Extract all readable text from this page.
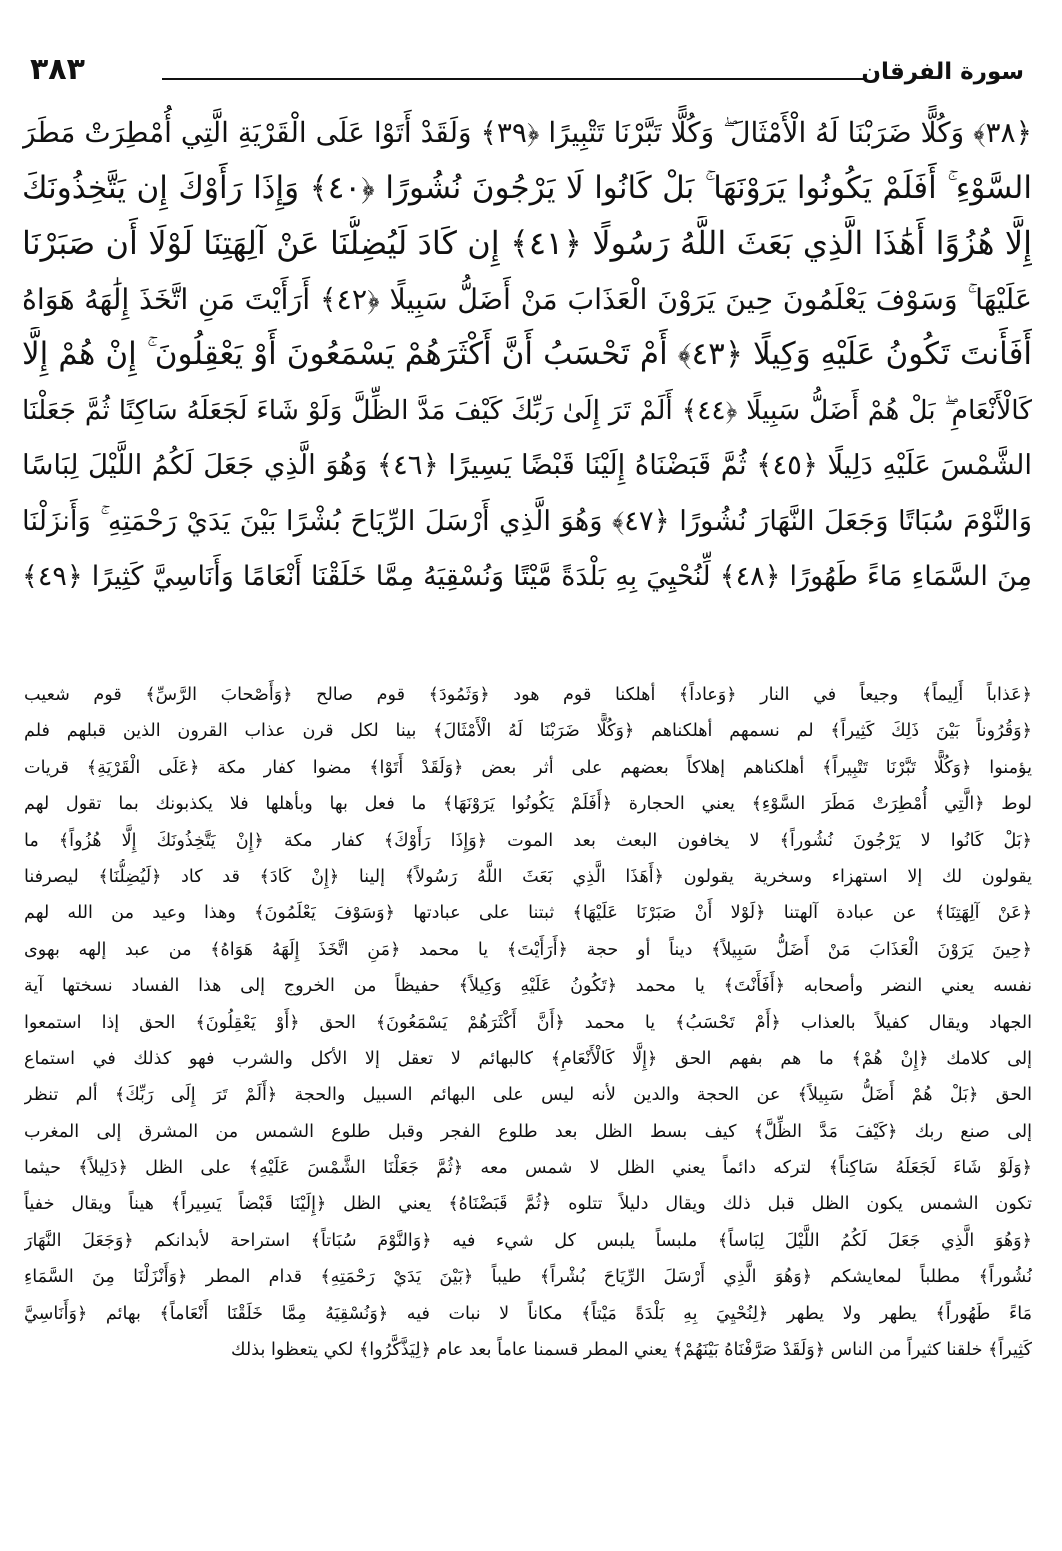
سورة الفرقان
٣٨٣
﴿٣٨﴾ وَكُلًّا ضَرَبْنَا لَهُ الْأَمْثَالَ ۖ وَكُلًّا تَبَّرْنَا تَتْبِيرًا ﴿٣٩﴾ وَلَقَدْ أَتَوْا عَلَى الْقَرْيَةِ الَّتِي أُمْطِرَتْ مَطَرَ
السَّوْءِ ۚ أَفَلَمْ يَكُونُوا يَرَوْنَهَا ۚ بَلْ كَانُوا لَا يَرْجُونَ نُشُورًا ﴿٤٠﴾ وَإِذَا رَأَوْكَ إِن يَتَّخِذُونَكَ
إِلَّا هُزُوًا أَهَٰذَا الَّذِي بَعَثَ اللَّهُ رَسُولًا ﴿٤١﴾ إِن كَادَ لَيُضِلُّنَا عَنْ آلِهَتِنَا لَوْلَا أَن صَبَرْنَا
عَلَيْهَا ۚ وَسَوْفَ يَعْلَمُونَ حِينَ يَرَوْنَ الْعَذَابَ مَنْ أَضَلُّ سَبِيلًا ﴿٤٢﴾ أَرَأَيْتَ مَنِ اتَّخَذَ إِلَٰهَهُ هَوَاهُ
أَفَأَنتَ تَكُونُ عَلَيْهِ وَكِيلًا ﴿٤٣﴾ أَمْ تَحْسَبُ أَنَّ أَكْثَرَهُمْ يَسْمَعُونَ أَوْ يَعْقِلُونَ ۚ إِنْ هُمْ إِلَّا
كَالْأَنْعَامِ ۖ بَلْ هُمْ أَضَلُّ سَبِيلًا ﴿٤٤﴾ أَلَمْ تَرَ إِلَىٰ رَبِّكَ كَيْفَ مَدَّ الظِّلَّ وَلَوْ شَاءَ لَجَعَلَهُ سَاكِنًا ثُمَّ جَعَلْنَا
الشَّمْسَ عَلَيْهِ دَلِيلًا ﴿٤٥﴾ ثُمَّ قَبَضْنَاهُ إِلَيْنَا قَبْضًا يَسِيرًا ﴿٤٦﴾ وَهُوَ الَّذِي جَعَلَ لَكُمُ اللَّيْلَ لِبَاسًا
وَالنَّوْمَ سُبَاتًا وَجَعَلَ النَّهَارَ نُشُورًا ﴿٤٧﴾ وَهُوَ الَّذِي أَرْسَلَ الرِّيَاحَ بُشْرًا بَيْنَ يَدَيْ رَحْمَتِهِ ۚ وَأَنزَلْنَا
مِنَ السَّمَاءِ مَاءً طَهُورًا ﴿٤٨﴾ لِّنُحْيِيَ بِهِ بَلْدَةً مَّيْتًا وَنُسْقِيَهُ مِمَّا خَلَقْنَا أَنْعَامًا وَأَنَاسِيَّ كَثِيرًا ﴿٤٩﴾
﴿عَذاباً أَلِيماً﴾ وجيعاً في النار ﴿وَعاداً﴾ أهلكنا قوم هود ﴿وَثَمُودَ﴾ قوم صالح ﴿وَأَصْحابَ الرَّسِّ﴾ قوم شعيب
﴿وَقُرُوناً بَيْنَ ذَلِكَ كَثِيراً﴾ لم نسمهم أهلكناهم ﴿وَكُلًّا ضَرَبْنَا لَهُ الْأَمْثَالَ﴾ بينا لكل قرن عذاب القرون الذين قبلهم فلم
يؤمنوا ﴿وَكُلًّا تَبَّرْنَا تَتْبِيراً﴾ أهلكناهم إهلاكاً بعضهم على أثر بعض ﴿وَلَقَدْ أَتَوْا﴾ مضوا كفار مكة ﴿عَلَى الْقَرْيَةِ﴾ قريات
لوط ﴿الَّتِي أُمْطِرَتْ مَطَرَ السَّوْءِ﴾ يعني الحجارة ﴿أَفَلَمْ يَكُونُوا يَرَوْنَهَا﴾ ما فعل بها وبأهلها فلا يكذبونك بما تقول لهم
﴿بَلْ كَانُوا لا يَرْجُونَ نُشُوراً﴾ لا يخافون البعث بعد الموت ﴿وَإِذَا رَأَوْكَ﴾ كفار مكة ﴿إِنْ يَتَّخِذُونَكَ إِلَّا هُزُواً﴾ ما
يقولون لك إلا استهزاء وسخرية يقولون ﴿أَهَذَا الَّذِي بَعَثَ اللَّهُ رَسُولاً﴾ إلينا ﴿إِنْ كَادَ﴾ قد كاد ﴿لَيُضِلُّنَا﴾ ليصرفنا
﴿عَنْ آلِهَتِنَا﴾ عن عبادة آلهتنا ﴿لَوْلا أَنْ صَبَرْنَا عَلَيْهَا﴾ ثبتنا على عبادتها ﴿وَسَوْفَ يَعْلَمُونَ﴾ وهذا وعيد من الله لهم
﴿حِينَ يَرَوْنَ الْعَذَابَ مَنْ أَضَلُّ سَبِيلاً﴾ ديناً أو حجة ﴿أَرَأَيْتَ﴾ يا محمد ﴿مَنِ اتَّخَذَ إِلَهَهُ هَوَاهُ﴾ من عبد إلهه بهوى
نفسه يعني النضر وأصحابه ﴿أَفَأَنْتَ﴾ يا محمد ﴿تَكُونُ عَلَيْهِ وَكِيلاً﴾ حفيظاً من الخروج إلى هذا الفساد نسختها آية
الجهاد ويقال كفيلاً بالعذاب ﴿أَمْ تَحْسَبُ﴾ يا محمد ﴿أَنَّ أَكْثَرَهُمْ يَسْمَعُونَ﴾ الحق ﴿أَوْ يَعْقِلُونَ﴾ الحق إذا استمعوا
إلى كلامك ﴿إِنْ هُمْ﴾ ما هم بفهم الحق ﴿إِلَّا كَالْأَنْعَامِ﴾ كالبهائم لا تعقل إلا الأكل والشرب فهو كذلك في استماع
الحق ﴿بَلْ هُمْ أَضَلُّ سَبِيلاً﴾ عن الحجة والدين لأنه ليس على البهائم السبيل والحجة ﴿أَلَمْ تَرَ إِلَى رَبِّكَ﴾ ألم تنظر
إلى صنع ربك ﴿كَيْفَ مَدَّ الظِّلَّ﴾ كيف بسط الظل بعد طلوع الفجر وقبل طلوع الشمس من المشرق إلى المغرب
﴿وَلَوْ شَاءَ لَجَعَلَهُ سَاكِناً﴾ لتركه دائماً يعني الظل لا شمس معه ﴿ثُمَّ جَعَلْنَا الشَّمْسَ عَلَيْهِ﴾ على الظل ﴿دَلِيلاً﴾ حيثما
تكون الشمس يكون الظل قبل ذلك ويقال دليلاً تتلوه ﴿ثُمَّ قَبَضْنَاهُ﴾ يعني الظل ﴿إِلَيْنَا قَبْضاً يَسِيراً﴾ هيناً ويقال خفياً
﴿وَهُوَ الَّذِي جَعَلَ لَكُمُ اللَّيْلَ لِبَاساً﴾ ملبساً يلبس كل شيء فيه ﴿وَالنَّوْمَ سُبَاتاً﴾ استراحة لأبدانكم ﴿وَجَعَلَ النَّهَارَ
نُشُوراً﴾ مطلباً لمعايشكم ﴿وَهُوَ الَّذِي أَرْسَلَ الرِّيَاحَ بُشْراً﴾ طيباً ﴿بَيْنَ يَدَيْ رَحْمَتِهِ﴾ قدام المطر ﴿وَأَنْزَلْنَا مِنَ السَّمَاءِ
مَاءً طَهُوراً﴾ يطهر ولا يطهر ﴿لِنُحْيِيَ بِهِ بَلْدَةً مَيْتاً﴾ مكاناً لا نبات فيه ﴿وَنُسْقِيَهُ مِمَّا خَلَقْنَا أَنْعَاماً﴾ بهائم ﴿وَأَنَاسِيَّ
كَثِيراً﴾ خلقنا كثيراً من الناس ﴿وَلَقَدْ صَرَّفْنَاهُ بَيْنَهُمْ﴾ يعني المطر قسمنا عاماً بعد عام ﴿لِيَذَّكَّرُوا﴾ لكي يتعظوا بذلك
